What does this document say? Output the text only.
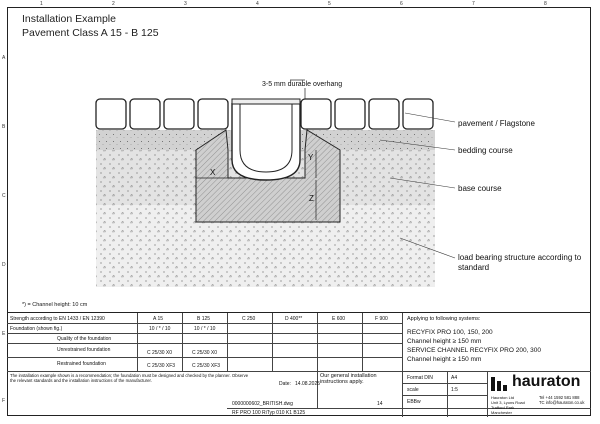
1	2	3	4	5	6	7	8
A
B
C
D
E
F
Installation Example
Pavement Class A 15 - B 125
3-5 mm durable overhang
X
Y
Z
pavement / Flagstone
bedding course
base course
load bearing structure according to standard
*) = Channel height: 10 cm
Strength according to EN 1433 / EN 12390	A 15	B 125	C 250	D 400**	E 600	F 900
Foundation (shown fig.)	10 / * / 10	10 / * / 10
Quality of the foundation
Unrestrained foundation	C 25/30 X0	C 25/30 X0
Restrained foundation	C 25/30 XF3	C 25/30 XF3
Applying to following systems:
RECYFIX PRO 100, 150, 200
Channel height ≥ 150 mm
SERVICE CHANNEL RECYFIX PRO 200, 300
Channel height ≥ 150 mm
The installation example shown is a recommendation; the foundation must be designed and checked by the planner. Observe the relevant standards and the installation instructions of the manufacturer.
Date: 14.08.2025
Our general installation instructions apply.
0000000602_BRITISH.dwg	14
RF PRO 100 RiTyp 010 K1 B125
Format DIN	A4
scale	1:5
EBBw
hauraton
Hauraton Ltd
Unit 3, Lyons Road
Trafford Park
Manchester
Tel +44 1592 581 888
TC info@hauraton.co.uk
